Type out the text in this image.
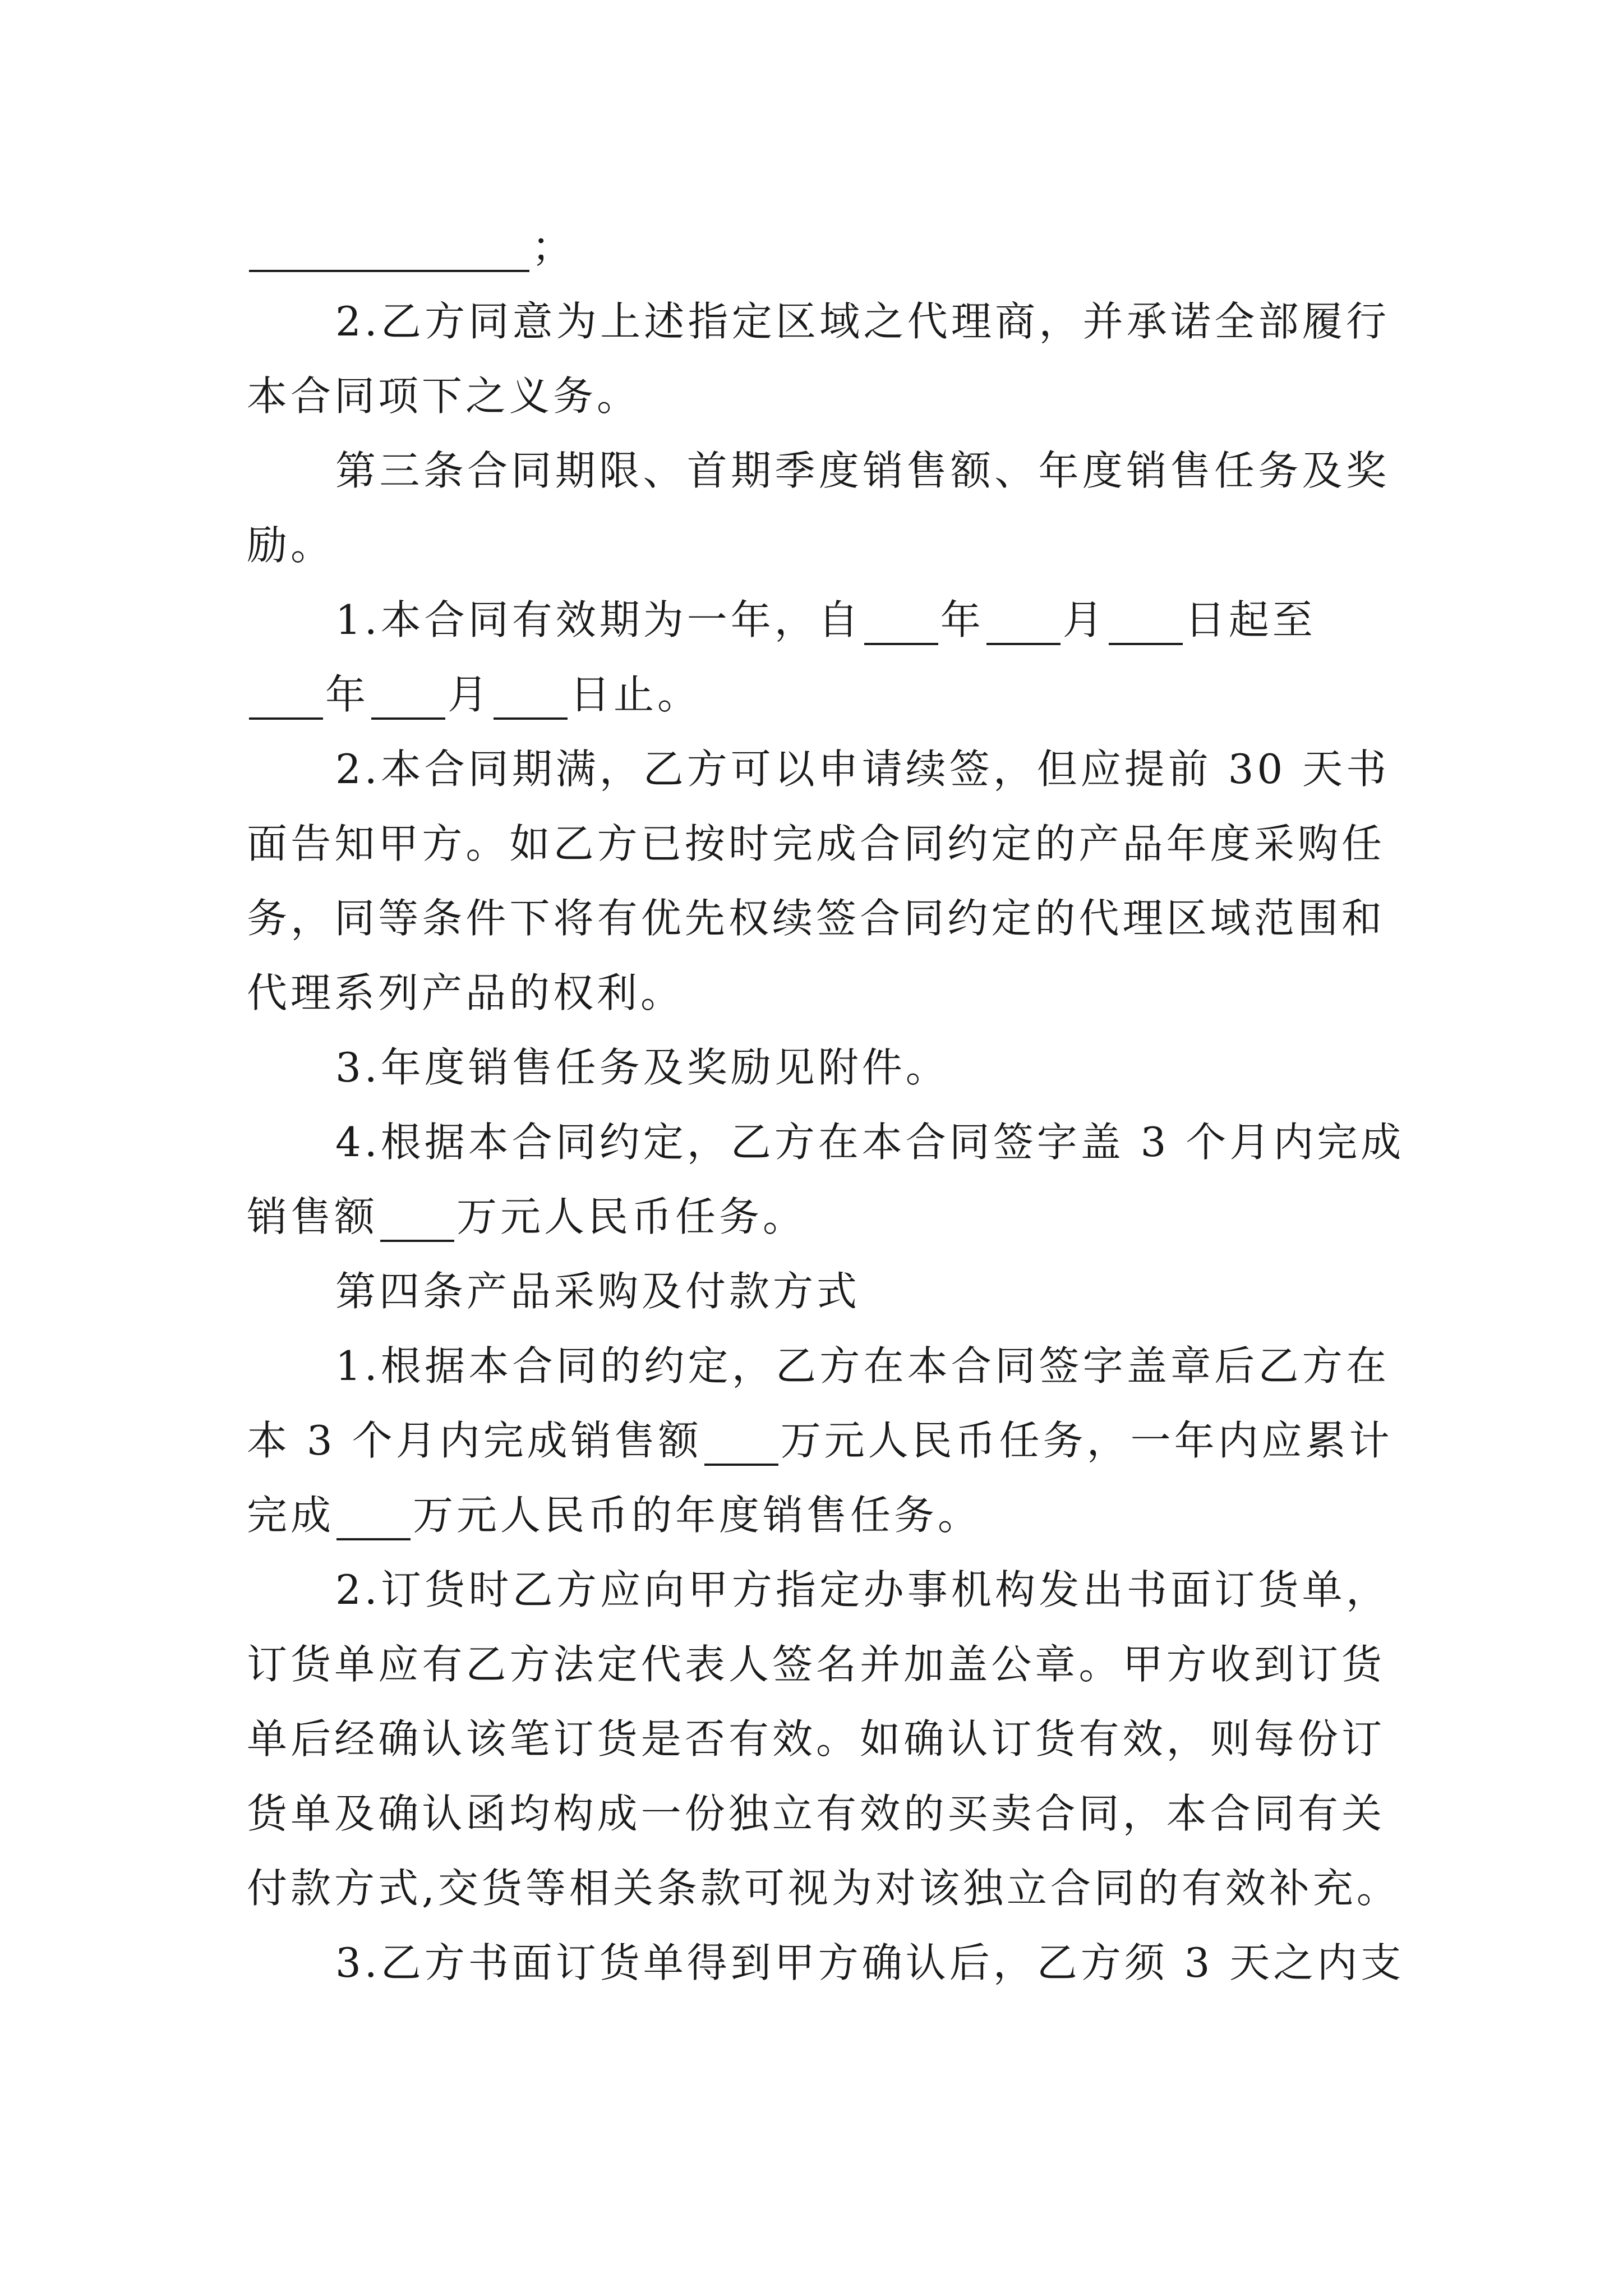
；
2.乙方同意为上述指定区域之代理商，并承诺全部履行
本合同项下之义务。
第三条合同期限、首期季度销售额、年度销售任务及奖
励。
1.本合同有效期为一年，自 年 月 日起至
年 月 日止。
2.本合同期满，乙方可以申请续签，但应提前 30 天书
面告知甲方。如乙方已按时完成合同约定的产品年度采购任
务，同等条件下将有优先权续签合同约定的代理区域范围和
代理系列产品的权利。
3.年度销售任务及奖励见附件。
4.根据本合同约定，乙方在本合同签字盖 3 个月内完成
销售额 万元人民币任务。
第四条产品采购及付款方式
1.根据本合同的约定，乙方在本合同签字盖章后乙方在
本 3 个月内完成销售额 万元人民币任务，一年内应累计
完成 万元人民币的年度销售任务。
2.订货时乙方应向甲方指定办事机构发出书面订货单，
订货单应有乙方法定代表人签名并加盖公章。甲方收到订货
单后经确认该笔订货是否有效。如确认订货有效，则每份订
货单及确认函均构成一份独立有效的买卖合同，本合同有关
付款方式,交货等相关条款可视为对该独立合同的有效补充。
3.乙方书面订货单得到甲方确认后，乙方须 3 天之内支
